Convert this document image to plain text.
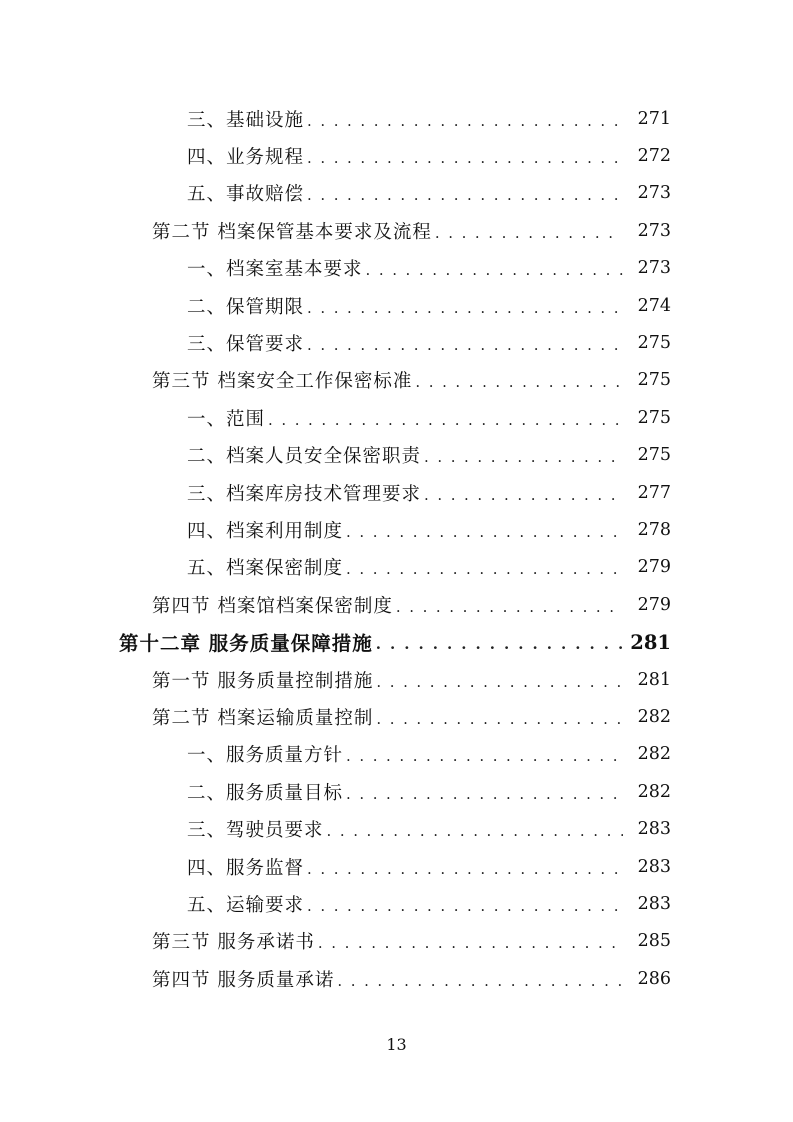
三、基础设施 . . .	271
四、业务规程 . . .	272
五、事故赔偿 . . .	273
第二节 档案保管基本要求及流程 . . .	273
一、档案室基本要求 . . .	273
二、保管期限 . . .	274
三、保管要求 . . .	275
第三节 档案安全工作保密标准 . . .	275
一、范围 . . .	275
二、档案人员安全保密职责 . . .	275
三、档案库房技术管理要求 . . .	277
四、档案利用制度 . . .	278
五、档案保密制度 . . .	279
第四节 档案馆档案保密制度 . . .	279
第十二章 服务质量保障措施 . . .	281
第一节 服务质量控制措施 . . .	281
第二节 档案运输质量控制 . . .	282
一、服务质量方针 . . .	282
二、服务质量目标 . . .	282
三、驾驶员要求 . . .	283
四、服务监督 . . .	283
五、运输要求 . . .	283
第三节 服务承诺书 . . .	285
第四节 服务质量承诺 . . .	286
13
